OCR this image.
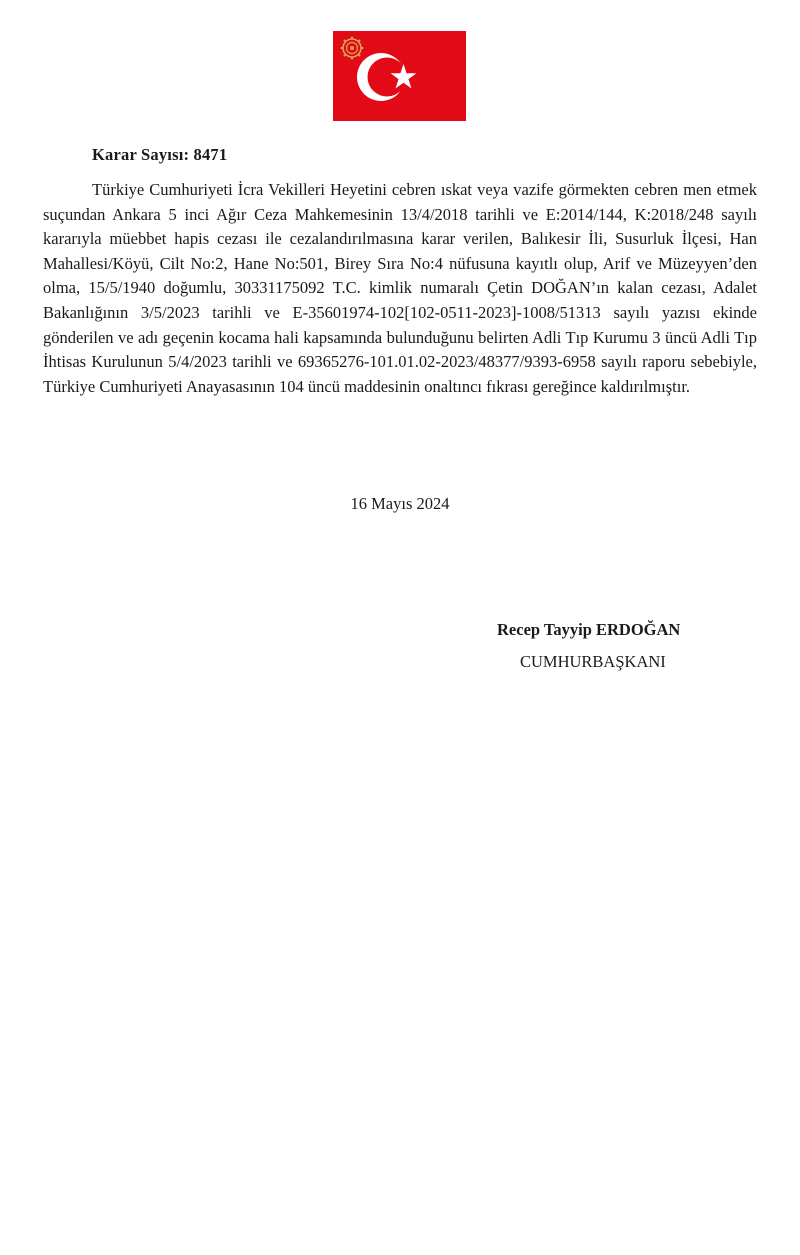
Karar Sayısı: 8471

Türkiye Cumhuriyeti İcra Vekilleri Heyetini cebren ıskat veya vazife görmekten cebren men etmek suçundan Ankara 5 inci Ağır Ceza Mahkemesinin 13/4/2018 tarihli ve E:2014/144, K:2018/248 sayılı kararıyla müebbet hapis cezası ile cezalandırılmasına karar verilen, Balıkesir İli, Susurluk İlçesi, Han Mahallesi/Köyü, Cilt No:2, Hane No:501, Birey Sıra No:4 nüfusuna kayıtlı olup, Arif ve Müzeyyen’den olma, 15/5/1940 doğumlu, 30331175092 T.C. kimlik numaralı Çetin DOĞAN’ın kalan cezası, Adalet Bakanlığının 3/5/2023 tarihli ve E-35601974-102[102-0511-2023]-1008/51313 sayılı yazısı ekinde gönderilen ve adı geçenin kocama hali kapsamında bulunduğunu belirten Adli Tıp Kurumu 3 üncü Adli Tıp İhtisas Kurulunun 5/4/2023 tarihli ve 69365276-101.01.02-2023/48377/9393-6958 sayılı raporu sebebiyle, Türkiye Cumhuriyeti Anayasasının 104 üncü maddesinin onaltıncı fıkrası gereğince kaldırılmıştır.

16 Mayıs 2024
Recep Tayyip ERDOĞAN
CUMHURBAŞKANI
